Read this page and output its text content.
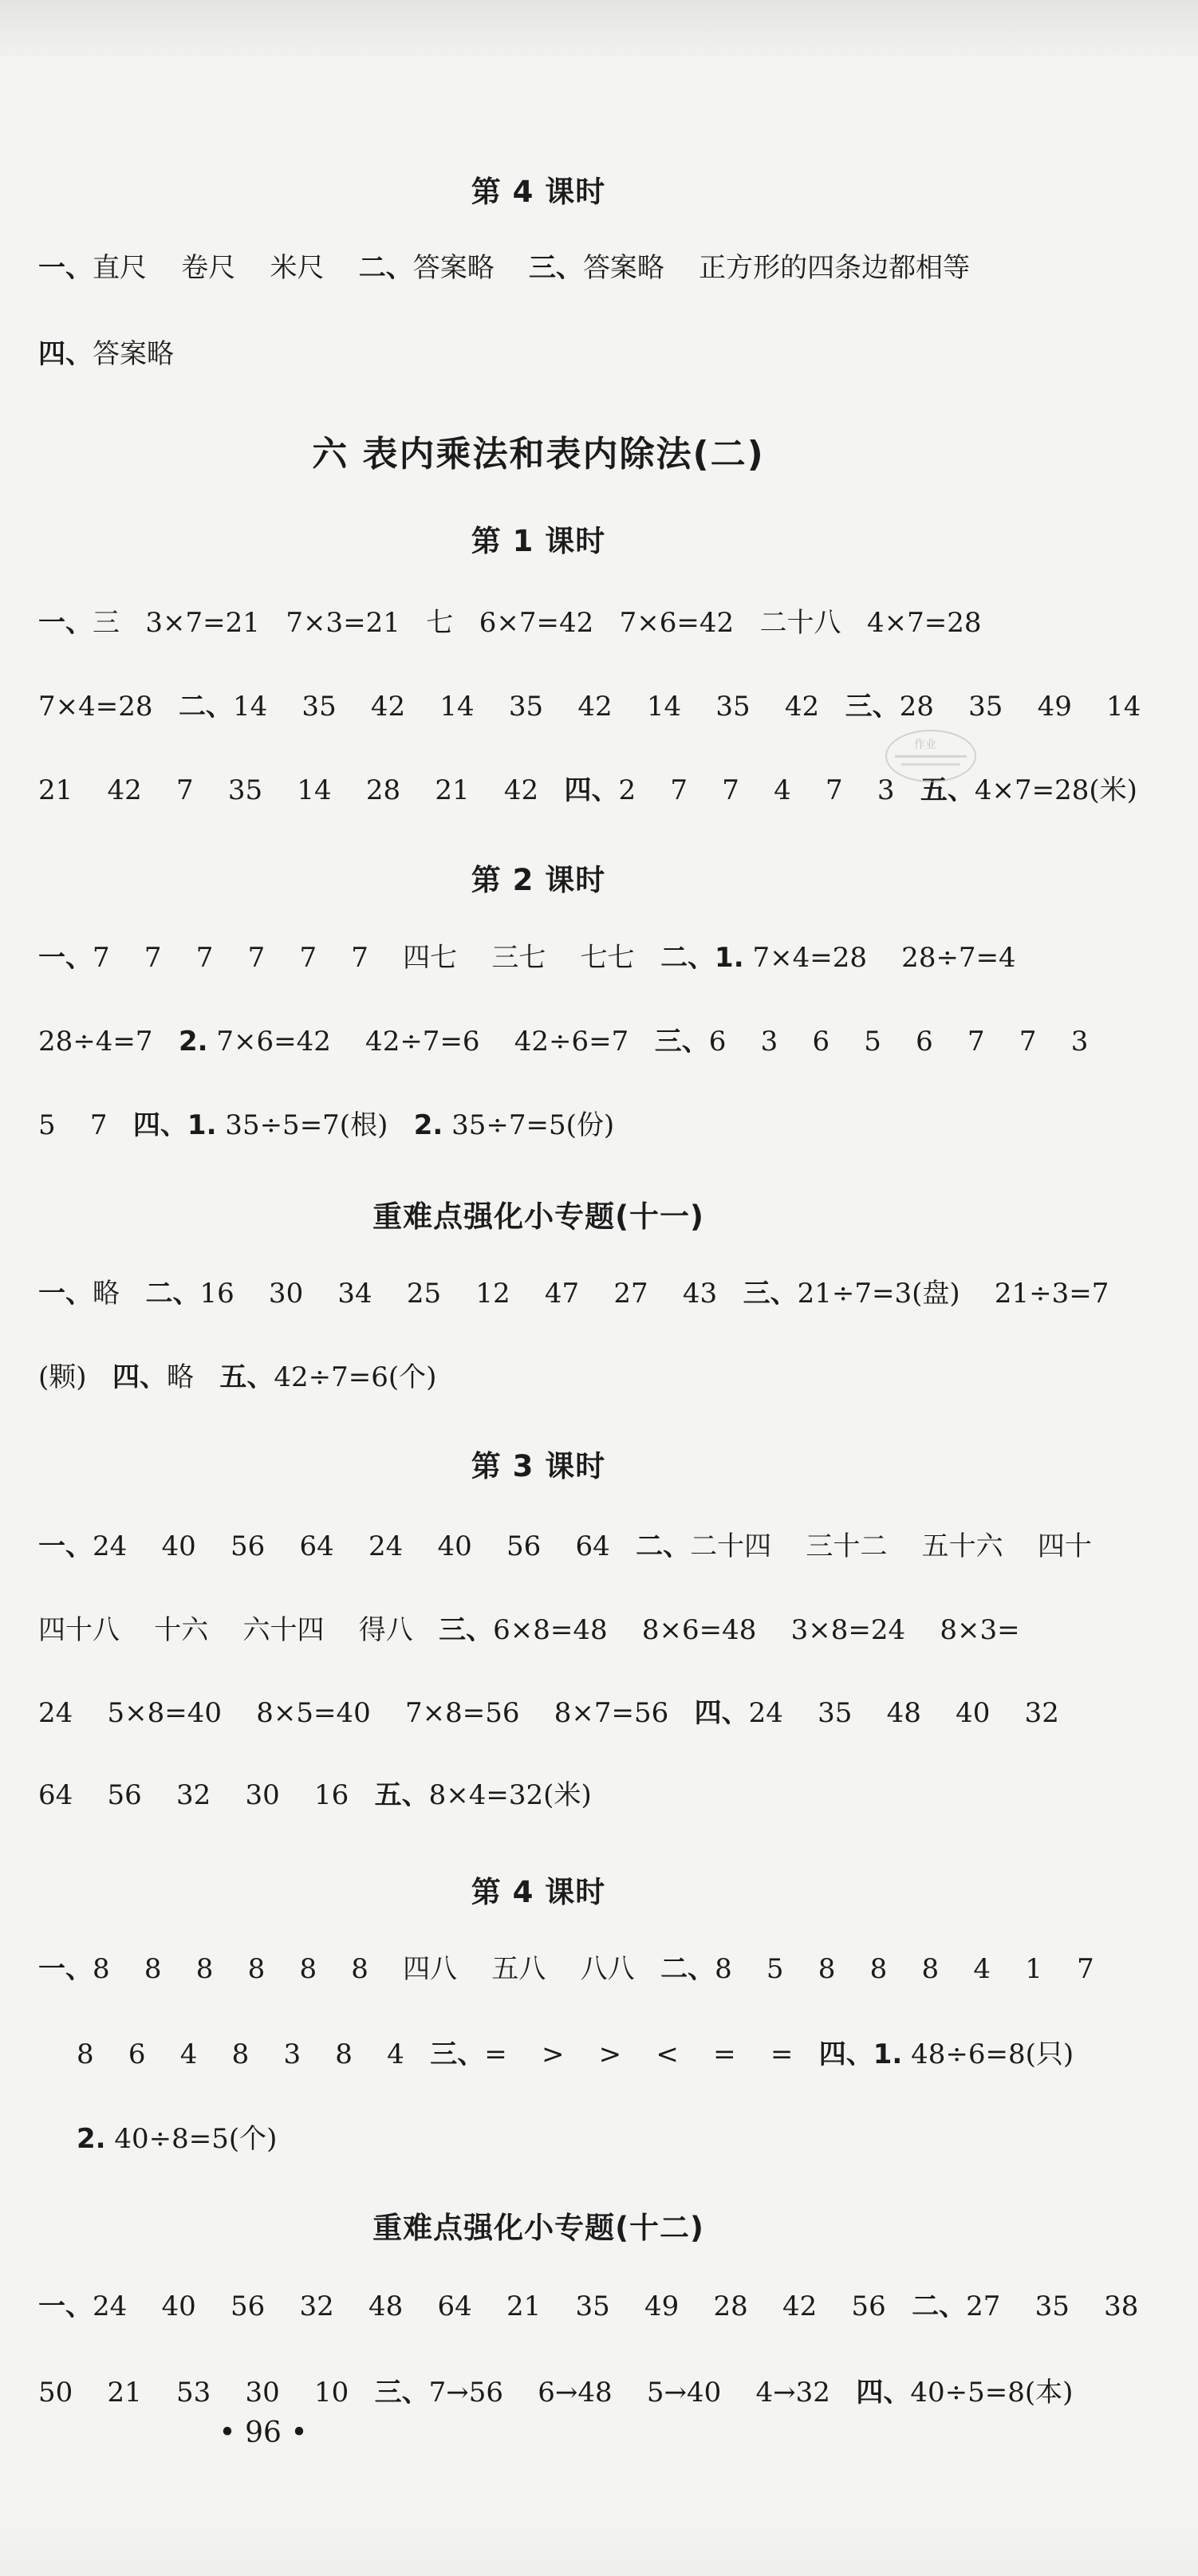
第 4 课时
一、直尺    卷尺    米尺    二、答案略    三、答案略    正方形的四条边都相等
四、答案略
六 表内乘法和表内除法(二)
第 1 课时
一、三   3×7=21   7×3=21   七   6×7=42   7×6=42   二十八   4×7=28
7×4=28   二、14    35    42    14    35    42    14    35    42   三、28    35    49    14
21    42    7    35    14    28    21    42   四、2    7    7    4    7    3   五、4×7=28(米)
作业
第 2 课时
一、7    7    7    7    7    7    四七    三七    七七   二、1. 7×4=28    28÷7=4
28÷4=7   2. 7×6=42    42÷7=6    42÷6=7   三、6    3    6    5    6    7    7    3
5    7   四、1. 35÷5=7(根)   2. 35÷7=5(份)
重难点强化小专题(十一)
一、略   二、16    30    34    25    12    47    27    43   三、21÷7=3(盘)    21÷3=7
(颗)   四、略   五、42÷7=6(个)
第 3 课时
一、24    40    56    64    24    40    56    64   二、二十四    三十二    五十六    四十
四十八    十六    六十四    得八   三、6×8=48    8×6=48    3×8=24    8×3=
24    5×8=40    8×5=40    7×8=56    8×7=56   四、24    35    48    40    32
64    56    32    30    16   五、8×4=32(米)
第 4 课时
一、8    8    8    8    8    8    四八    五八    八八   二、8    5    8    8    8    4    1    7
8    6    4    8    3    8    4   三、=    >    >    <    =    =   四、1. 48÷6=8(只)
2. 40÷8=5(个)
重难点强化小专题(十二)
一、24    40    56    32    48    64    21    35    49    28    42    56   二、27    35    38
50    21    53    30    10   三、7→56    6→48    5→40    4→32   四、40÷5=8(本)
• 96 •
